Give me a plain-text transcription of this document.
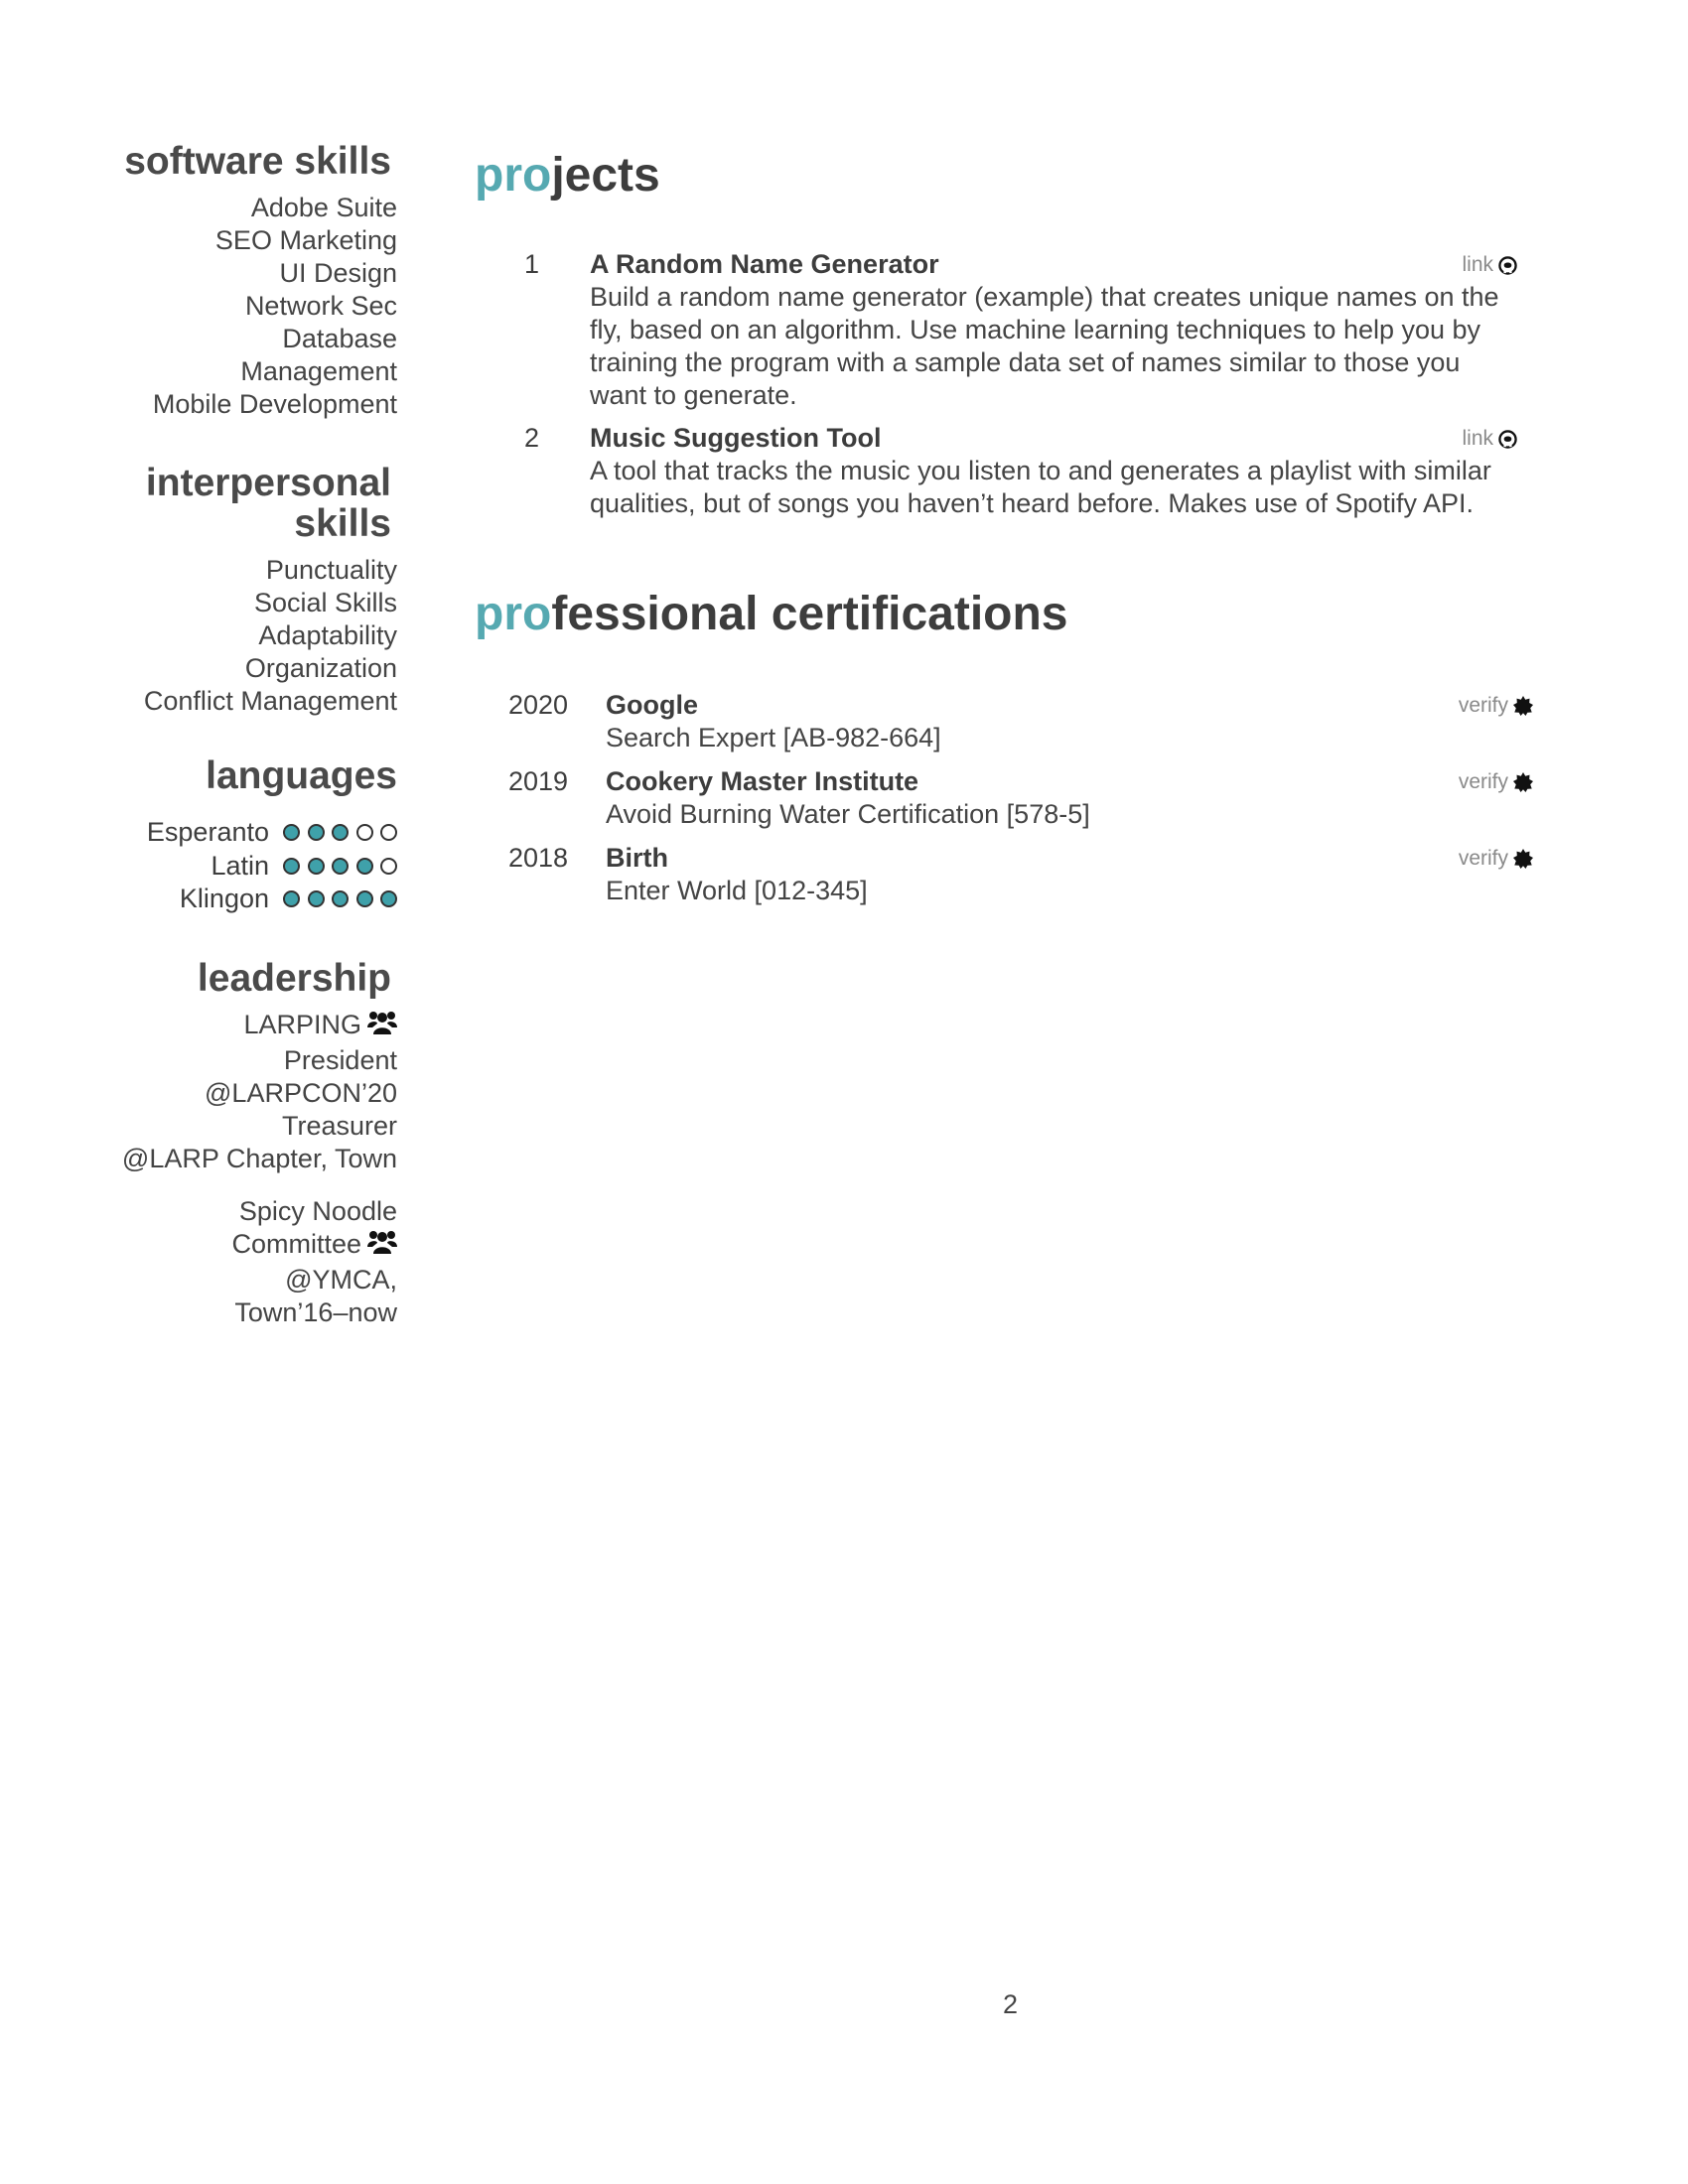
software skills
Adobe Suite
SEO Marketing
UI Design
Network Sec
Database
Management
Mobile Development
interpersonal
skills
Punctuality
Social Skills
Adaptability
Organization
Conflict Management
languages
Esperanto
Latin
Klingon
leadership
LARPING
President
@LARPCON’20
Treasurer
@LARP Chapter, Town
Spicy Noodle
Committee
@YMCA,
Town’16–now
projects
1 A Random Name Generator	link
Build a random name generator (example) that creates unique names on the
fly, based on an algorithm. Use machine learning techniques to help you by
training the program with a sample data set of names similar to those you
want to generate.
2 Music Suggestion Tool	link
A tool that tracks the music you listen to and generates a playlist with similar
qualities, but of songs you haven’t heard before. Makes use of Spotify API.
professional certifications
2020 Google	verify
Search Expert [AB-982-664]
2019 Cookery Master Institute	verify
Avoid Burning Water Certification [578-5]
2018 Birth	verify
Enter World [012-345]
2
